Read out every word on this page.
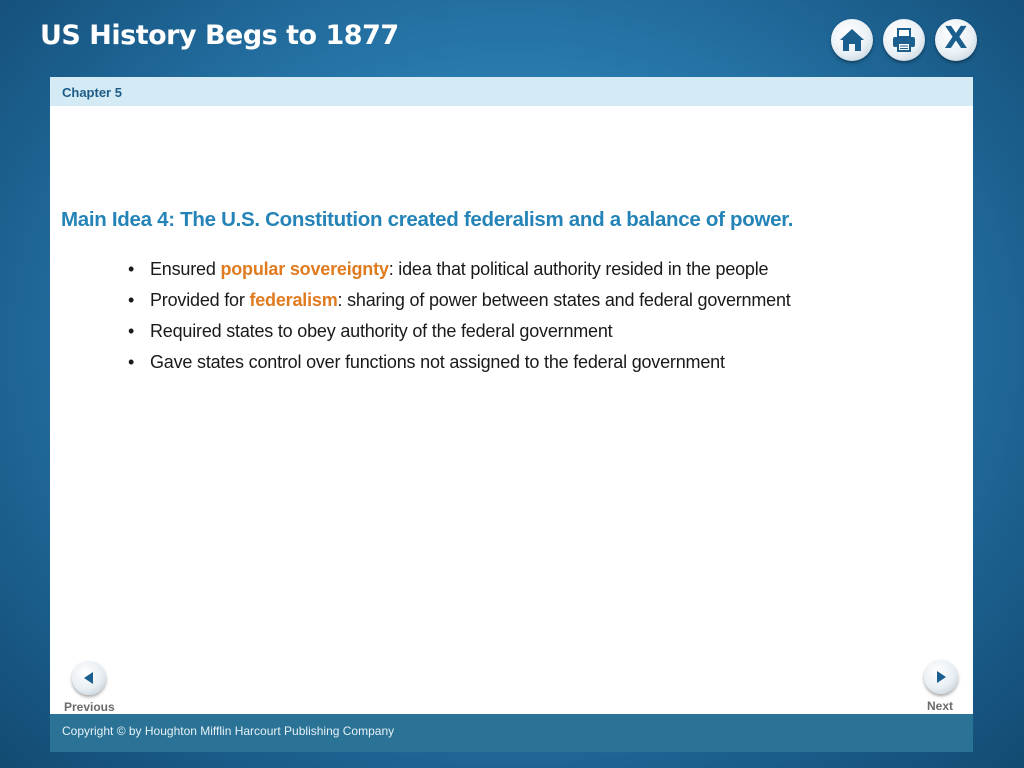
US History Begs to 1877	X
Chapter 5
Main Idea 4: The U.S. Constitution created federalism and a balance of power.
• Ensured popular sovereignty: idea that political authority resided in the people
• Provided for federalism: sharing of power between states and federal government
• Required states to obey authority of the federal government
• Gave states control over functions not assigned to the federal government
Previous	Next
Copyright © by Houghton Mifflin Harcourt Publishing Company
